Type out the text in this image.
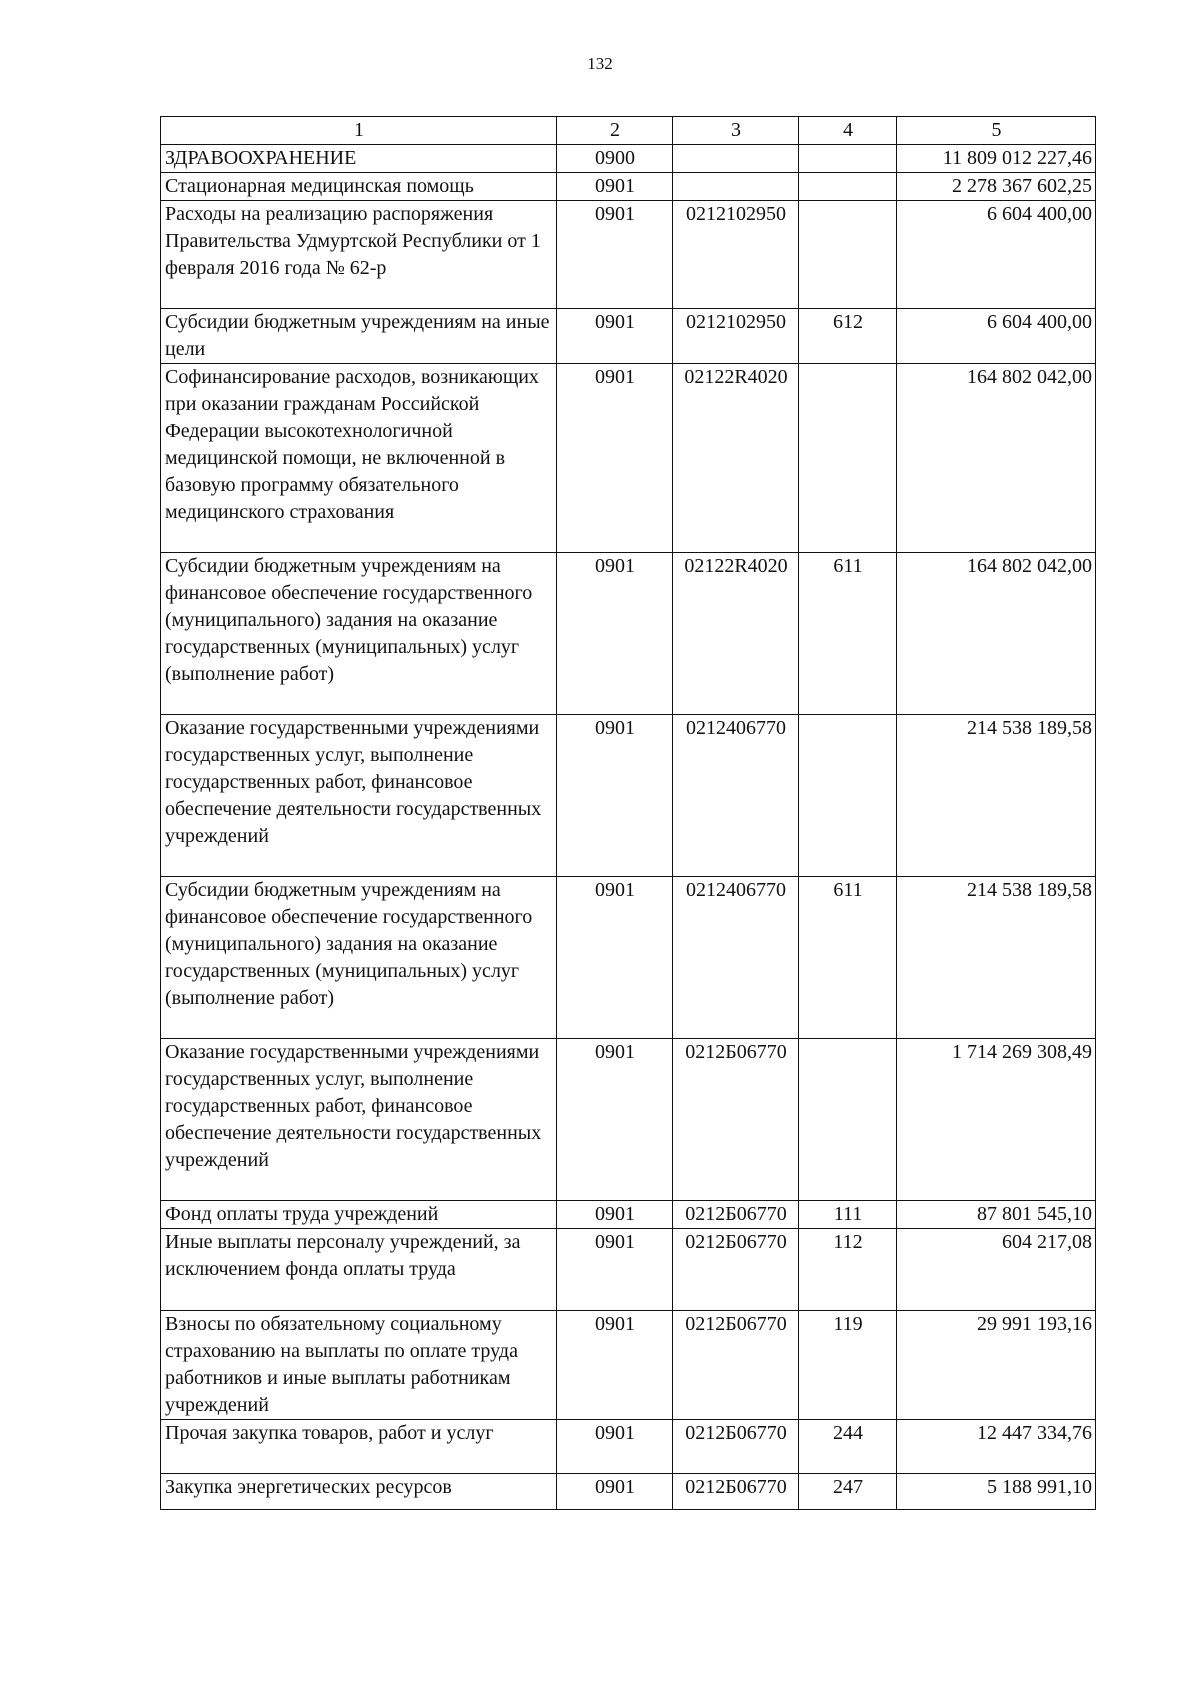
132
1	2	3	4	5
ЗДРАВООХРАНЕНИЕ	0900			11 809 012 227,46
Стационарная медицинская помощь	0901			2 278 367 602,25
Расходы на реализацию распоряжения Правительства Удмуртской Республики от 1 февраля 2016 года № 62-р	0901	0212102950		6 604 400,00
Субсидии бюджетным учреждениям на иные цели	0901	0212102950	612	6 604 400,00
Софинансирование расходов, возникающих при оказании гражданам Российской Федерации высокотехнологичной медицинской помощи, не включенной в базовую программу обязательного медицинского страхования	0901	02122R4020		164 802 042,00
Субсидии бюджетным учреждениям на финансовое обеспечение государственного (муниципального) задания на оказание государственных (муниципальных) услуг (выполнение работ)	0901	02122R4020	611	164 802 042,00
Оказание государственными учреждениями государственных услуг, выполнение государственных работ, финансовое обеспечение деятельности государственных учреждений	0901	0212406770		214 538 189,58
Субсидии бюджетным учреждениям на финансовое обеспечение государственного (муниципального) задания на оказание государственных (муниципальных) услуг (выполнение работ)	0901	0212406770	611	214 538 189,58
Оказание государственными учреждениями государственных услуг, выполнение государственных работ, финансовое обеспечение деятельности государственных учреждений	0901	0212Б06770		1 714 269 308,49
Фонд оплаты труда учреждений	0901	0212Б06770	111	87 801 545,10
Иные выплаты персоналу учреждений, за исключением фонда оплаты труда	0901	0212Б06770	112	604 217,08
Взносы по обязательному социальному страхованию на выплаты по оплате труда работников и иные выплаты работникам учреждений	0901	0212Б06770	119	29 991 193,16
Прочая закупка товаров, работ и услуг	0901	0212Б06770	244	12 447 334,76
Закупка энергетических ресурсов	0901	0212Б06770	247	5 188 991,10
